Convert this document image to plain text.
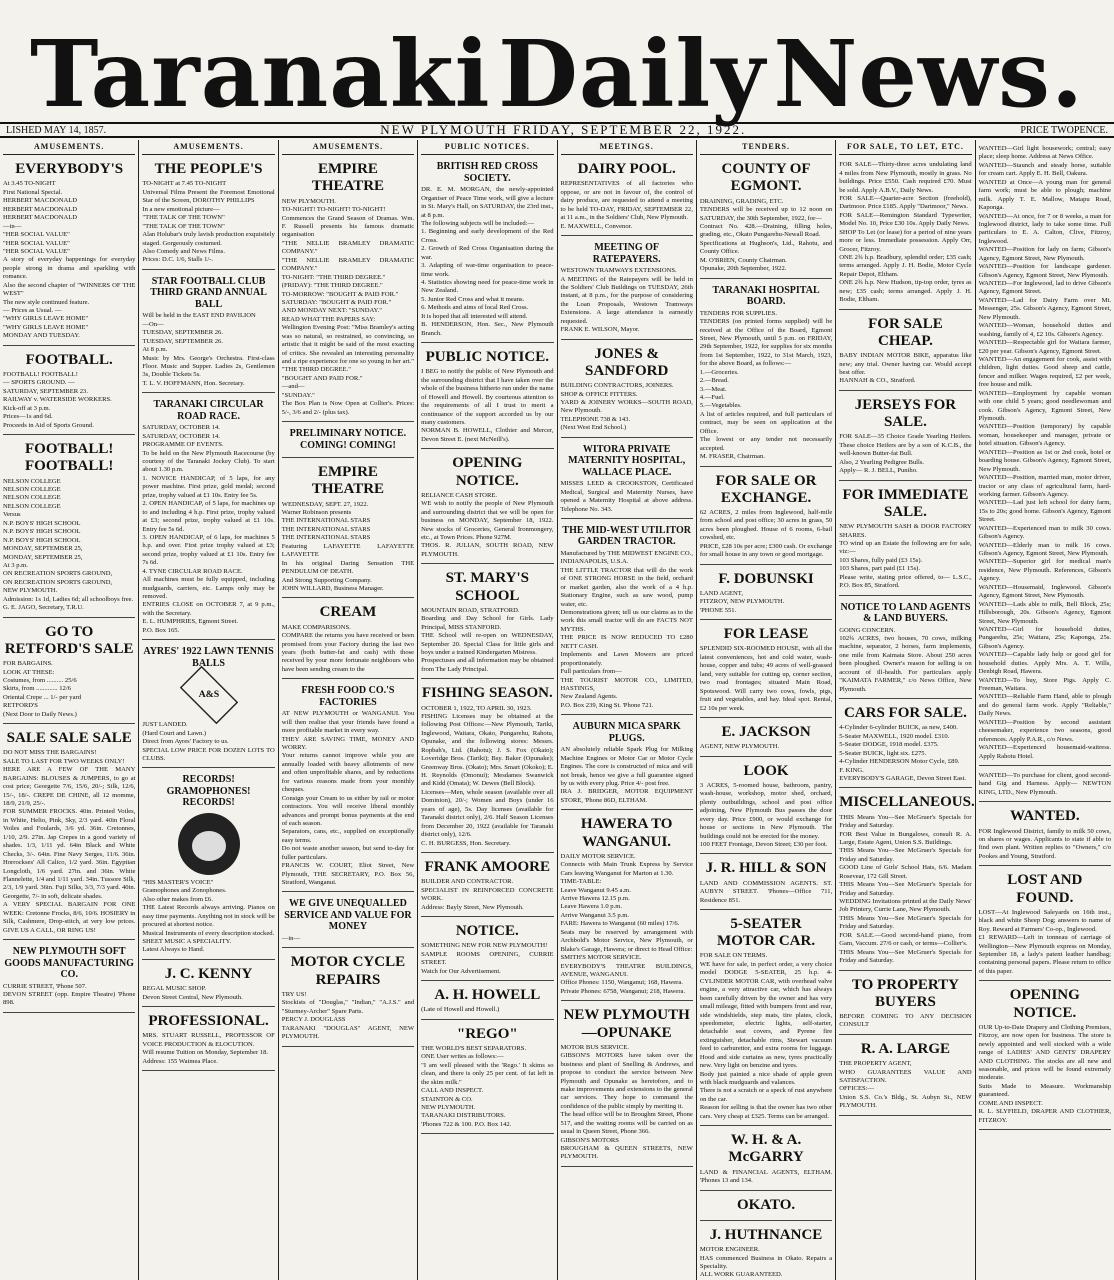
Taranaki Daily News.
LISHED MAY 14, 1857.	NEW PLYMOUTH FRIDAY, SEPTEMBER 22, 1922.	PRICE TWOPENCE.
AMUSEMENTS.
EVERYBODY'S
At 3.45 TO-NIGHT
First National Special.
HERBERT MACDONALD
HERBERT MACDONALD
HERBERT MACDONALD
—in—
"HER SOCIAL VALUE"
"HER SOCIAL VALUE"
"HER SOCIAL VALUE"
A story of everyday happenings for everyday people strong in drama and sparkling with romance.
Also the second chapter of "WINNERS OF THE WEST"
The new style continued feature.
— Prices as Usual. —
"WHY GIRLS LEAVE HOME"
"WHY GIRLS LEAVE HOME"
MONDAY AND TUESDAY.
FOOTBALL.
FOOTBALL! FOOTBALL!
— SPORTS GROUND. —
SATURDAY, SEPTEMBER 23.
RAILWAY v. WATERSIDE WORKERS.
Kick-off at 3 p.m.
Prices—1s and 6d.
Proceeds in Aid of Sports Ground.
FOOTBALL! FOOTBALL!
NELSON COLLEGE
NELSON COLLEGE
NELSON COLLEGE
NELSON COLLEGE
Versus
N.P. BOYS' HIGH SCHOOL
N.P. BOYS' HIGH SCHOOL
N.P. BOYS' HIGH SCHOOL
MONDAY, SEPTEMBER 25,
MONDAY, SEPTEMBER 25,
At 3 p.m.
ON RECREATION SPORTS GROUND,
ON RECREATION SPORTS GROUND,
NEW PLYMOUTH.
Admission: 1s 1d, Ladies 6d; all schoolboys free.
G. E. JAGO, Secretary, T.R.U.
GO TO RETFORD'S SALE
FOR BARGAINS.
LOOK AT THESE:
Costumes, from .......... 25/6
Skirts, from ............. 12/6
Oriental Crepe ... 1/- per yard
RETFORD'S
(Next Door to Daily News.)
SALE SALE SALE
DO NOT MISS THE BARGAINS!
SALE TO LAST FOR TWO WEEKS ONLY!
HERE ARE A FEW OF THE MANY BARGAINS: BLOUSES & JUMPERS, to go at cost price; Georgette 7/6, 15/6, 20/-; Silk, 12/6, 15/-, 18/-. CREPE DE CHINE, all 12 momme, 18/9, 21/9, 25/-.
FOR SUMMER FROCKS. 40in. Printed Voiles, in White, Helio, Pink, Sky, 2/3 yard. 40in Floral Voiles and Foulards, 3/6 yd. 36in. Cretonnes, 1/10, 2/9. 27in. Jap Crepes in a good variety of shades. 1/3, 1/11 yd. 64in Black and White Checks, 3/-. 64in. Fine Navy Serges, 11/6. 36in. Horrockses' All Calico, 1/2 yard. 36in. Egyptian Longcloth, 1/6 yard. 27in. and 36in. White Flannelette, 1/4 and 1/11 yard. 34in. Tussore Silk, 2/3, 1/9 yard. 36in. Fuji Silks, 3/3, 7/3 yard. 40in. Georgette, 7/- in soft, delicate shades.
A VERY SPECIAL BARGAIN FOR ONE WEEK: Cretonne Frocks, 8/6, 10/6. HOSIERY in Silk, Cashmere, Drop-stitch, at very low prices. GIVE US A CALL, OR RING US!
NEW PLYMOUTH SOFT GOODS MANUFACTURING CO.
CURRIE STREET, 'Phone 507.
DEVON STREET (opp. Empire Theatre) 'Phone 898.
AMUSEMENTS.
THE PEOPLE'S
TO-NIGHT at 7.45 TO-NIGHT
Universal Films Present the Foremost Emotional Star of the Screen, DOROTHY PHILLIPS
In a new emotional picture—
"THE TALK OF THE TOWN"
"THE TALK OF THE TOWN"
Alan Holubar's truly lavish production exquisitely staged. Gorgeously costumed.
Also Comedy and News Films.
Prices: D.C. 1/6, Stalls 1/-.
STAR FOOTBALL CLUB THIRD GRAND ANNUAL BALL
Will be held in the EAST END PAVILION
—On—
TUESDAY, SEPTEMBER 26.
TUESDAY, SEPTEMBER 26.
At 8 p.m.
Music by Mrs. George's Orchestra. First-class Floor. Music and Supper. Ladies 2s, Gentlemen 3s, Double Tickets 5s.
T. L. V. HOFFMANN, Hon. Secretary.
TARANAKI CIRCULAR ROAD RACE.
SATURDAY, OCTOBER 14.
SATURDAY, OCTOBER 14.
PROGRAMME OF EVENTS.
To be held on the New Plymouth Racecourse (by courtesy of the Taranaki Jockey Club). To start about 1.30 p.m.
1. NOVICE HANDICAP, of 5 laps, for any power machine. First prize, gold medal; second prize, trophy valued at £1 10s. Entry fee 5s.
2. OPEN HANDICAP, of 5 laps, for machines up to and including 4 h.p. First prize, trophy valued at £3; second prize, trophy valued at £1 10s. Entry fee 5s 6d.
3. OPEN HANDICAP, of 6 laps, for machines 5 h.p. and over. First prize trophy valued at £3; second prize, trophy valued at £1 10s. Entry fee 7s 6d.
4. TYNE CIRCULAR ROAD RACE.
All machines must be fully equipped, including mudguards, carriers, etc. Lamps only may be removed.
ENTRIES CLOSE on OCTOBER 7, at 9 p.m., with the Secretary.
E. L. HUMPHRIES, Egmont Street.
P.O. Box 165.
AYRES' 1922 LAWN TENNIS BALLS
A&S
JUST LANDED.
(Hard Court and Lawn.)
Direct from Ayres' Factory to us.
SPECIAL LOW PRICE FOR DOZEN LOTS TO CLUBS.
RECORDS! GRAMOPHONES! RECORDS!
"HIS MASTER'S VOICE"
Gramophones and Zonophones.
Also other makes from £6.
THE Latest Records always arriving. Pianos on easy time payments. Anything not in stock will be procured at shortest notice.
Musical Instruments of every description stocked.
SHEET MUSIC A SPECIALITY.
Latest Always to Hand.
J. C. KENNY
REGAL MUSIC SHOP.
Devon Street Central, New Plymouth.
PROFESSIONAL.
MRS. STUART RUSSELL, PROFESSOR OF VOICE PRODUCTION & ELOCUTION.
Will resume Tuition on Monday, September 18.
Address: 155 Waimea Place.
AMUSEMENTS.
EMPIRE THEATRE
NEW PLYMOUTH.
TO-NIGHT! TO-NIGHT! TO-NIGHT!
Commences the Grand Season of Dramas. Wm. F. Russell presents his famous dramatic organisation
"THE NELLIE BRAMLEY DRAMATIC COMPANY."
"THE NELLIE BRAMLEY DRAMATIC COMPANY."
TO-NIGHT: "THE THIRD DEGREE."
(FRIDAY): "THE THIRD DEGREE."
TO-MORROW: "BOUGHT & PAID FOR."
SATURDAY: "BOUGHT & PAID FOR."
AND MONDAY NEXT: "SUNDAY."
READ WHAT THE PAPERS SAY:
Wellington Evening Post: "Miss Bramley's acting was so natural, so restrained, so convincing, so artistic that it might be said of the most exacting of critics. She revealed an interesting personality and a ripe experience for one so young in her art."
"THE THIRD DEGREE."
"BOUGHT AND PAID FOR."
—and—
"SUNDAY."
The Box Plan is Now Open at Collier's. Prices: 5/-, 3/6 and 2/- (plus tax).
PRELIMINARY NOTICE. COMING! COMING!
EMPIRE THEATRE
WEDNESDAY, SEPT. 27, 1922.
Warner Robinson presents
THE INTERNATIONAL STARS
THE INTERNATIONAL STARS
THE INTERNATIONAL STARS
Featuring LAFAYETTE LAFAYETTE LAFAYETTE
In his original Daring Sensation THE PENDULUM OF DEATH.
And Strong Supporting Company.
JOHN WILLARD, Business Manager.
CREAM
MAKE COMPARISONS.
COMPARE the returns you have received or been promised from your Factory during the last two years (both butter-fat and cash) with those received by your more fortunate neighbours who have been sending cream to the
FRESH FOOD CO.'S FACTORIES
AT NEW PLYMOUTH or WANGANUI. You will then realise that your friends have found a more profitable market in every way.
THEY ARE SAVING TIME, MONEY AND WORRY.
Your returns cannot improve while you are annually loaded with heavy allotments of new and often unprofitable shares, and by reductions for various reasons made from your monthly cheques.
Consign your Cream to us either by rail or motor contractors. You will receive liberal monthly advances and prompt bonus payments at the end of each season.
Separators, cans, etc., supplied on exceptionally easy terms.
Do not waste another season, but send to-day for fuller particulars.
FRANCIS W. COURT, Eliot Street, New Plymouth, THE SECRETARY, P.O. Box 56, Stratford, Wanganui.
WE GIVE UNEQUALLED SERVICE AND VALUE FOR MONEY
—in—
MOTOR CYCLE REPAIRS
TRY US!
Stockists of "Douglas," "Indian," "A.J.S." and "Sturmey-Archer" Spare Parts.
PERCY J. DOUGLASS
TARANAKI "DOUGLAS" AGENT, NEW PLYMOUTH.
PUBLIC NOTICES.
BRITISH RED CROSS SOCIETY.
DR. E. M. MORGAN, the newly-appointed Organiser of Peace Time work, will give a lecture in St. Mary's Hall, on SATURDAY, the 23rd inst., at 8 p.m.
The following subjects will be included:—
1. Beginning and early development of the Red Cross.
2. Growth of Red Cross Organisation during the war.
3. Adapting of war-time organisation to peace-time work.
4. Statistics showing need for peace-time work in New Zealand.
5. Junior Red Cross and what it means.
6. Methods and aims of local Red Cross.
It is hoped that all interested will attend.
B. HENDERSON, Hon. Sec., New Plymouth Branch.
PUBLIC NOTICE.
I BEG to notify the public of New Plymouth and the surrounding district that I have taken over the whole of the business hitherto run under the name of Howell and Howell. By courteous attention to the requirements of all I trust to merit a continuance of the support accorded us by our many customers.
NORMAN B. HOWELL, Clothier and Mercer, Devon Street E. (next McNeill's).
OPENING NOTICE.
RELIANCE CASH STORE.
WE wish to notify the people of New Plymouth and surrounding district that we will be open for business on MONDAY, September 18, 1922. New stocks of Groceries, General Ironmongery, etc., at Town Prices. Phone 927M.
THOS. R. JULIAN, SOUTH ROAD, NEW PLYMOUTH.
ST. MARY'S SCHOOL
MOUNTAIN ROAD, STRATFORD.
Boarding and Day School for Girls. Lady Principal, MISS STANFORD.
THE School will re-open on WEDNESDAY, September 20. Special Class for little girls and boys under a trained Kindergarten Mistress.
Prospectuses and all information may be obtained from The Lady Principal.
FISHING SEASON.
OCTOBER 1, 1922, TO APRIL 30, 1923.
FISHING Licenses may be obtained at the following Post Offices:—New Plymouth, Tariki, Inglewood, Waitara, Okato, Pungarehu, Rahotu, Opunake, and the following stores: Messrs. Ropbah's, Ltd. (Rahotu); J. S. Fox (Okato); Loveridge Bros. (Tariki); Bsy. Baker (Opunake); Greenway Bros. (Okato); Mrs. Smart (Okoko); E. H. Reynolds (Omonui); Mesdames Swanwick and Kidd (Omata); W. Dewes (Bell Block).
Licenses—Men, whole season (available over all Dominion), 20/-; Women and Boys (under 16 years of age), 5s. Day licenses (available for Taranaki district only), 2/6. Half Season Licenses from December 20, 1922 (available for Taranaki district only), 12/6.
C. H. BURGESS, Hon. Secretary.
FRANK AMOORE
BUILDER AND CONTRACTOR.
SPECIALIST IN REINFORCED CONCRETE WORK.
Address: Bayly Street, New Plymouth.
NOTICE.
SOMETHING NEW FOR NEW PLYMOUTH!
SAMPLE ROOMS OPENING, CURRIE STREET.
Watch for Our Advertisement.
A. H. HOWELL
(Late of Howell and Howell.)
"REGO"
THE WORLD'S BEST SEPARATORS.
ONE User writes as follows:—
"I am well pleased with the 'Rego.' It skims so clean, and there is only 25 per cent. of fat left in the skim milk."
CALL AND INSPECT.
STAINTON & CO.
NEW PLYMOUTH.
TARANAKI DISTRIBUTORS.
'Phones 722 & 100. P.O. Box 142.
MEETINGS.
DAIRY POOL.
REPRESENTATIVES of all factories who oppose, or are not in favour of, the control of dairy produce, are requested to attend a meeting to be held TO-DAY, FRIDAY, SEPTEMBER 22, at 11 a.m., in the Soldiers' Club, New Plymouth.
E. MAXWELL, Convenor.
MEETING OF RATEPAYERS.
WESTOWN TRAMWAYS EXTENSIONS.
A MEETING of the Ratepayers will be held in the Soldiers' Club Buildings on TUESDAY, 26th instant, at 8 p.m., for the purpose of considering the Loan Proposals, Westown Tramways Extensions. A large attendance is earnestly requested.
FRANK E. WILSON, Mayor.
JONES & SANDFORD
BUILDING CONTRACTORS, JOINERS.
SHOP & OFFICE FITTERS.
YARD & JOINERY WORKS—SOUTH ROAD, New Plymouth.
TELEPHONE 738 & 143.
(Next West End School.)
WITORA PRIVATE MATERNITY HOSPITAL, WALLACE PLACE.
MISSES LEED & CROOKSTON, Certificated Medical, Surgical and Maternity Nurses, have opened a Maternity Hospital at above address. Telephone No. 343.
THE MID-WEST UTILITOR GARDEN TRACTOR.
Manufactured by THE MIDWEST ENGINE CO., INDIANAPOLIS, U.S.A.
THE LITTLE TRACTOR that will do the work of ONE STRONG HORSE in the field, orchard or market garden, also the work of a 4 h.p. Stationary Engine, such as saw wood, pump water, etc.
Demonstrations given; tell us our claims as to the work this small tractor will do are FACTS NOT MYTHS.
THE PRICE IS NOW REDUCED TO £280 NETT CASH.
Implements and Lawn Mowers are priced proportionately.
Full particulars from—
THE TOURIST MOTOR CO., LIMITED, HASTINGS,
New Zealand Agents.
P.O. Box 239, King St. 'Phone 721.
AUBURN MICA SPARK PLUGS.
AN absolutely reliable Spark Plug for Milking Machine Engines or Motor Car or Motor Cycle Engines. The core is constructed of mica and will not break, hence we give a full guarantee signed by us with every plug. Price 4/- post free.
IRA J. BRIDGER, MOTOR EQUIPMENT STORE, 'Phone 86D, ELTHAM.
HAWERA TO WANGANUI.
DAILY MOTOR SERVICE.
Connects with Main Trunk Express by Service Cars leaving Wanganui for Marton at 1.30.
TIME-TABLE:
Leave Wanganui 9.45 a.m.
Arrive Hawera 12.15 p.m.
Leave Hawera 1.0 p.m.
Arrive Wanganui 3.5 p.m.
FARE: Hawera to Wanganui (60 miles) 17/6.
Seats may be reserved by arrangement with Archbold's Motor Service, New Plymouth, or Blake's Garage, Hawera; or direct to Head Office:
SMITH'S MOTOR SERVICE.
EVERYBODY'S THEATRE BUILDINGS, AVENUE, WANGANUI.
Office Phones: 1150, Wanganui; 168, Hawera.
Private Phones: 6758, Wanganui; 218, Hawera.
NEW PLYMOUTH—OPUNAKE
MOTOR BUS SERVICE.
GIBSON'S MOTORS have taken over the business and plant of Snelling & Andrews, and propose to conduct the service between New Plymouth and Opunake as heretofore, and to make improvements and extensions to the general car services. They hope to command the confidence of the public simply by meriting it.
The head office will be in Broughm Street, Phone 517, and the waiting rooms will be carried on as usual in Queen Street, Phone 366.
GIBSON'S MOTORS
BROUGHAM & QUEEN STREETS, NEW PLYMOUTH.
TENDERS.
COUNTY OF EGMONT.
DRAINING, GRADING, ETC.
TENDERS will be received up to 12 noon on SATURDAY, the 30th September, 1922, for—
Contract No. 428.—Draining, filling holes, grading, etc., Okato Pungarehu-Newall Road.
Specifications at Hughson's, Ltd., Rahotu, and County Office.
M. O'BRIEN, County Chairman.
Opunake, 20th September, 1922.
TARANAKI HOSPITAL BOARD.
TENDERS FOR SUPPLIES.
TENDERS (on printed forms supplied) will be received at the Office of the Board, Egmont Street, New Plymouth, until 5 p.m. on FRIDAY, 29th September, 1922, for supplies for six months from 1st September, 1922, to 31st March, 1923, for the above Board, as follows:—
1.—Groceries.
2.—Bread.
3.—Meat.
4.—Fuel.
5.—Vegetables.
A list of articles required, and full particulars of contract, may be seen on application at the Office.
The lowest or any tender not necessarily accepted.
M. FRASER, Chairman.
FOR SALE OR EXCHANGE.
62 ACRES, 2 miles from Inglewood, half-mile from school and post office; 30 acres in grass, 50 acres been ploughed. House of 6 rooms, 6-bail cowshed, etc.
PRICE, £28 10s per acre; £300 cash. Or exchange for small house in any town or good mortgage.
F. DOBUNSKI
LAND AGENT,
FITZROY, NEW PLYMOUTH.
'PHONE 551.
FOR LEASE
SPLENDID SIX-ROOMED HOUSE, with all the latest conveniences, hot and cold water, wash-house, copper and tubs; 49 acres of well-grassed land, very suitable for cutting up, corner section, two road frontages; situated Main Road, Spotswood. Will carry two cows, fowls, pigs, fruit and vegetables, and hay. Ideal spot. Rental, £2 10s per week.
E. JACKSON
AGENT, NEW PLYMOUTH.
LOOK
3 ACRES, 5-roomed house, bathroom, pantry, wash-house, workshop, motor shed, orchard, plenty outbuildings, school and post office adjoining, New Plymouth Bus passes the door every day. Price £900, or would exchange for house or sections in New Plymouth. The buildings could not be erected for the money.
100 FEET Frontage, Devon Street; £30 per foot.
J. R. HILL & SON
LAND AND COMMISSION AGENTS. ST. AUBYN STREET. 'Phones—Office 711, Residence 851.
5-SEATER MOTOR CAR.
FOR SALE ON TERMS.
WE have for sale, in perfect order, a very choice model DODGE 5-SEATER, 25 h.p. 4-CYLINDER MOTOR CAR, with overhead valve engine, a very attractive car, which has always been carefully driven by the owner and has very small mileage, fitted with bumpers front and rear, side windshields, step mats, tire plates, clock, speedometer, electric lights, self-starter, detachable seat covers, and Pyrene fire extinguisher, detachable rims, Stewart vacuum feed to carburettor, and extra rooms for luggage. Hood and side curtains as new, tyres practically new. Very light on benzine and tyres.
Body just painted a nice shade of apple green with black mudguards and valances.
There is not a scratch or a speck of rust anywhere on the car.
Reason for selling is that the owner has two other cars. Very cheap at £325. Terms can be arranged.
W. H. & A. McGARRY
LAND & FINANCIAL AGENTS, ELTHAM. 'Phones 13 and 134.
OKATO.
J. HUTHNANCE
MOTOR ENGINEER.
HAS commenced Business in Okato. Repairs a Speciality.
ALL WORK GUARANTEED.
FOR SALE, TO LET, ETC.
FOR SALE—Thirty-three acres undulating land 4 miles from New Plymouth, mostly in grass. No buildings. Price £550. Cash required £70. Must be sold. Apply A.B.V., Daily News.
FOR SALE—Quarter-acre Section (freehold), Dartmoor. Price £185. Apply "Dartmoor," News.
FOR SALE—Remington Standard Typewriter, Model No. 10, Price £30 10s. Apply Daily News.
SHOP To Let (or lease) for a period of nine years more or less. Immediate possession. Apply Orr, Grocer, Fitzroy.
ONE 2¾ h.p. Bradbury, splendid order; £35 cash; terms arranged. Apply J. H. Bodie, Motor Cycle Repair Depot, Eltham.
ONE 2¾ h.p. New Hudson, tip-top order, tyres as new; £35 cash; terms arranged. Apply J. H. Bodie, Eltham.
FOR SALE CHEAP.
BABY INDIAN MOTOR BIKE, apparatus like new; any trial. Owner having car. Would accept best offer.
HANNAH & CO., Stratford.
JERSEYS FOR SALE.
FOR SALE—35 Choice Grade Yearling Heifers. These choice Heifers are by a son of K.C.B., the well-known Butter-fat Bull.
Also, 2 Yearling Pedigree Bulls.
Apply— R. J. BELL, Puniho.
FOR IMMEDIATE SALE.
NEW PLYMOUTH SASH & DOOR FACTORY SHARES.
TO wind up an Estate the following are for sale, viz:—
103 Shares, fully paid (£3 15s).
103 Shares, part paid (£1 15s).
Please write, stating price offered, to— L.S.C., P.O. Box 85, Stratford.
NOTICE TO LAND AGENTS & LAND BUYERS.
GOING CONCERN.
102¾ ACRES, two houses, 70 cows, milking machine, separator, 2 horses, farm implements, one mile from Kaimata Store. About 250 acres been ploughed. Owner's reason for selling is on account of ill-health. For particulars apply "KAIMATA FARMER," c/o News Office, New Plymouth.
CARS FOR SALE.
4-Cylinder 6-cylinder BUICK, as new, £400.
5-Seater MAXWELL, 1920 model. £310.
5-Seater DODGE, 1918 model. £375.
5-Seater BUICK, light six. £275.
4-Cylinder HENDERSON Motor Cycle, £89.
F. KING.
EVERYBODY'S GARAGE, Devon Street East.
MISCELLANEOUS.
THIS Means You—See McGruer's Specials for Friday and Saturday.
FOR Best Value in Bungalows, consult R. A. Large, Estate Agent, Union S.S. Buildings.
THIS Means You—See McGruer's Specials for Friday and Saturday.
GOOD Line of Girls' School Hats, 6/6. Madam Rosevear, 172 Gill Street.
THIS Means You—See McGruer's Specials for Friday and Saturday.
WEDDING Invitations printed at the Daily News' Job Printery, Currie Lane, New Plymouth.
THIS Means You—See McGruer's Specials for Friday and Saturday.
FOR SALE.—Good second-hand piano, from Gam, Vaccum. 27/6 or cash, or terms—Collier's.
THIS Means You—See McGruer's Specials for Friday and Saturday.
TO PROPERTY BUYERS
BEFORE COMING TO ANY DECISION CONSULT
R. A. LARGE
THE PROPERTY AGENT,
WHO GUARANTEES VALUE AND SATISFACTION.
OFFICES:—
Union S.S. Co.'s Bldg., St. Aubyn St., NEW PLYMOUTH.
WANTED—Girl light housework; central; easy place; sleep home. Address at News Office.
WANTED—Staunch and steady horse, suitable for cream cart. Apply E. H. Bell, Oakura.
WANTED at Once—A young man for general farm work; must be able to plough; machine milk. Apply T. E. Mallow, Matapu Road, Kaponga.
WANTED—At once, for 7 or 8 weeks, a man for Inglewood district, lady to take some time. Full particulars to E. A. Calton, Clive, Fitzroy, Inglewood.
WANTED—Position for lady on farm; Gibson's Agency, Egmont Street, New Plymouth.
WANTED—Position for landscape gardener. Gibson's Agency, Egmont Street, New Plymouth.
WANTED—For Inglewood, lad to drive Gibson's Agency, Egmont Street.
WANTED—Lad for Dairy Farm over Mt. Messenger, 25s. Gibson's Agency, Egmont Street, New Plymouth.
WANTED—Woman, household duties and washing, family of 4, £2 10s. Gibson's Agency.
WANTED—Respectable girl for Waitara farmer, £20 per year. Gibson's Agency, Egmont Street.
WANTED—An engagement for cook, assist with children, light duties. Good sheep and cattle, fencer and milker. Wages required, £2 per week, free house and milk.
WANTED—Employment by capable woman with one child 5 years; good needlewoman and cook. Gibson's Agency, Egmont Street, New Plymouth.
WANTED—Position (temporary) by capable woman, housekeeper and manager, private or hotel situation. Gibson's Agency.
WANTED—Position as 1st or 2nd cook, hotel or boarding house. Gibson's Agency, Egmont Street, New Plymouth.
WANTED—Position, married man, motor driver, tractor or any class of agricultural farm, hard-working farmer. Gibson's Agency.
WANTED—Lad just left school for dairy farm, 15s to 20s; good home. Gibson's Agency, Egmont Street.
WANTED—Experienced man to milk 30 cows. Gibson's Agency.
WANTED—Elderly man to milk 16 cows. Gibson's Agency, Egmont Street, New Plymouth.
WANTED—Superior girl for medical man's residence, New Plymouth. References, Gibson's Agency.
WANTED—Housemaid, Inglewood. Gibson's Agency, Egmont Street, New Plymouth.
WANTED—Lads able to milk, Bell Block, 25s; Hillsborough, 20s. Gibson's Agency, Egmont Street, New Plymouth.
WANTED—Girl for household duties, Pungarehu, 25s; Waitara, 25s; Kaponga, 25s. Gibson's Agency.
WANTED—Capable lady help or good girl for household duties. Apply Mrs. A. T. Wills, Denbigh Road, Hawera.
WANTED—To buy, Store Pigs. Apply C. Freeman, Waitara.
WANTED—Reliable Farm Hand, able to plough and do general farm work. Apply "Reliable," Daily News.
WANTED—Position by second assistant cheesemaker, experience two seasons, good references. Apply P.A.R., c/o News.
WANTED—Experienced housemaid-waitress. Apply Rahotu Hotel.
WANTED—To purchase for client, good second-hand Gig and Harness. Apply— NEWTON KING, LTD., New Plymouth.
WANTED.
FOR Inglewood District, family to milk 50 cows, on shares or wages. Applicants to state if able to find own plant. Written replies to "Owners," c/o Pookes and Young, Stratford.
LOST AND FOUND.
LOST—At Inglewood Saleyards on 16th inst., black and white Sheep Dog; answers to name of Roy. Reward at Farmers' Co-op., Inglewood.
£1 REWARD—Left in tonneau of carriage of Wellington—New Plymouth express on Monday, September 18, a lady's patent leather handbag; containing personal papers. Please return to office of this paper.
OPENING NOTICE.
OUR Up-to-Date Drapery and Clothing Premises, Fitzroy, are now open for business. The store is newly appointed and well stocked with a wide range of LADIES' AND GENTS' DRAPERY AND CLOTHING. The stocks are all new and seasonable, and prices will be found extremely moderate.
Suits Made to Measure. Workmanship guaranteed.
COME AND INSPECT.
R. L. SLYFIELD, DRAPER AND CLOTHIER, FITZROY.
